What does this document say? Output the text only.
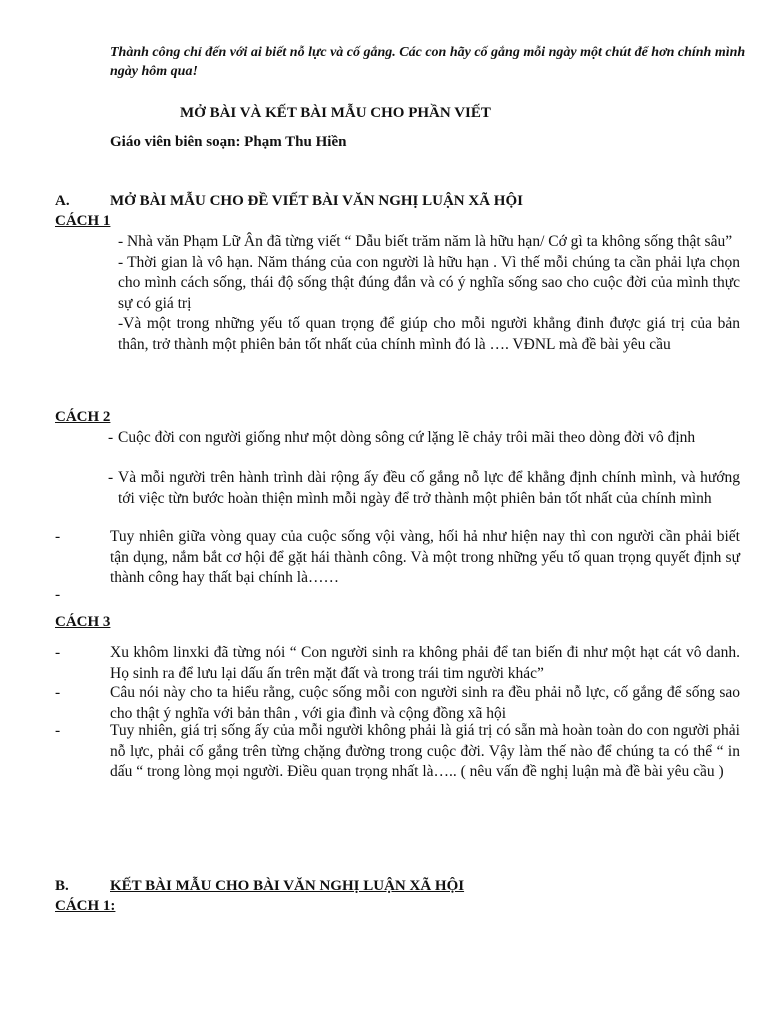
Thành công chỉ đến với ai biết nỗ lực và cố gắng. Các con hãy cố gắng mỗi ngày một chút để hơn chính mình ngày hôm qua!
MỞ BÀI VÀ KẾT BÀI MẪU CHO PHẦN VIẾT
Giáo viên biên soạn: Phạm Thu Hiền
A.	MỞ BÀI MẪU CHO ĐỀ VIẾT BÀI VĂN NGHỊ LUẬN XÃ HỘI
CÁCH 1
- Nhà văn Phạm Lữ Ân đã từng viết “ Dẫu biết trăm năm là hữu hạn/ Cớ gì ta không sống thật sâu”
- Thời gian là vô hạn. Năm tháng của con người là hữu hạn . Vì thế mỗi chúng ta cần phải lựa chọn cho mình cách sống, thái độ sống thật đúng đắn và có ý nghĩa sống sao cho cuộc đời của mình thực sự có giá trị
-Và một trong những yếu tố quan trọng để giúp cho mỗi người khẳng đinh được giá trị của bản thân, trở thành một phiên bản tốt nhất của chính mình đó là …. VĐNL mà đề bài yêu cầu
CÁCH 2
- Cuộc đời con người giống như một dòng sông cứ lặng lẽ chảy trôi mãi theo dòng đời vô định
- Và mỗi người trên hành trình dài rộng ấy đều cố gắng nỗ lực để khẳng định chính mình, và hướng tới việc từn bước hoàn thiện mình mỗi ngày để trở thành một phiên bản tốt nhất của chính mình
-	Tuy nhiên giữa vòng quay của cuộc sống vội vàng, hối hả như hiện nay thì con người cần phải biết tận dụng, nắm bắt cơ hội để gặt hái thành công. Và một trong những yếu tố quan trọng quyết định sự thành công hay thất bại chính là……
-
CÁCH 3
-	Xu khôm linxki đã từng nói “ Con người sinh ra không phải để tan biến đi như một hạt cát vô danh. Họ sinh ra để lưu lại dấu ấn trên mặt đất và trong trái tim người khác”
-	Câu nói này cho ta hiểu rằng, cuộc sống mỗi con người sinh ra đều phải nỗ lực, cố gắng để sống sao cho thật ý nghĩa với bản thân , với gia đình và cộng đồng xã hội
-	Tuy nhiên, giá trị sống ấy của mỗi người không phải là giá trị có sẵn mà hoàn toàn do con người phải nỗ lực, phải cố gắng trên từng chặng đường trong cuộc đời. Vậy làm thế nào để chúng ta có thể “ in dấu “ trong lòng mọi người. Điều quan trọng nhất là….. ( nêu vấn đề nghị luận mà đề bài yêu cầu )
B.	KẾT BÀI MẪU CHO BÀI VĂN NGHỊ LUẬN XÃ HỘI
CÁCH 1:
